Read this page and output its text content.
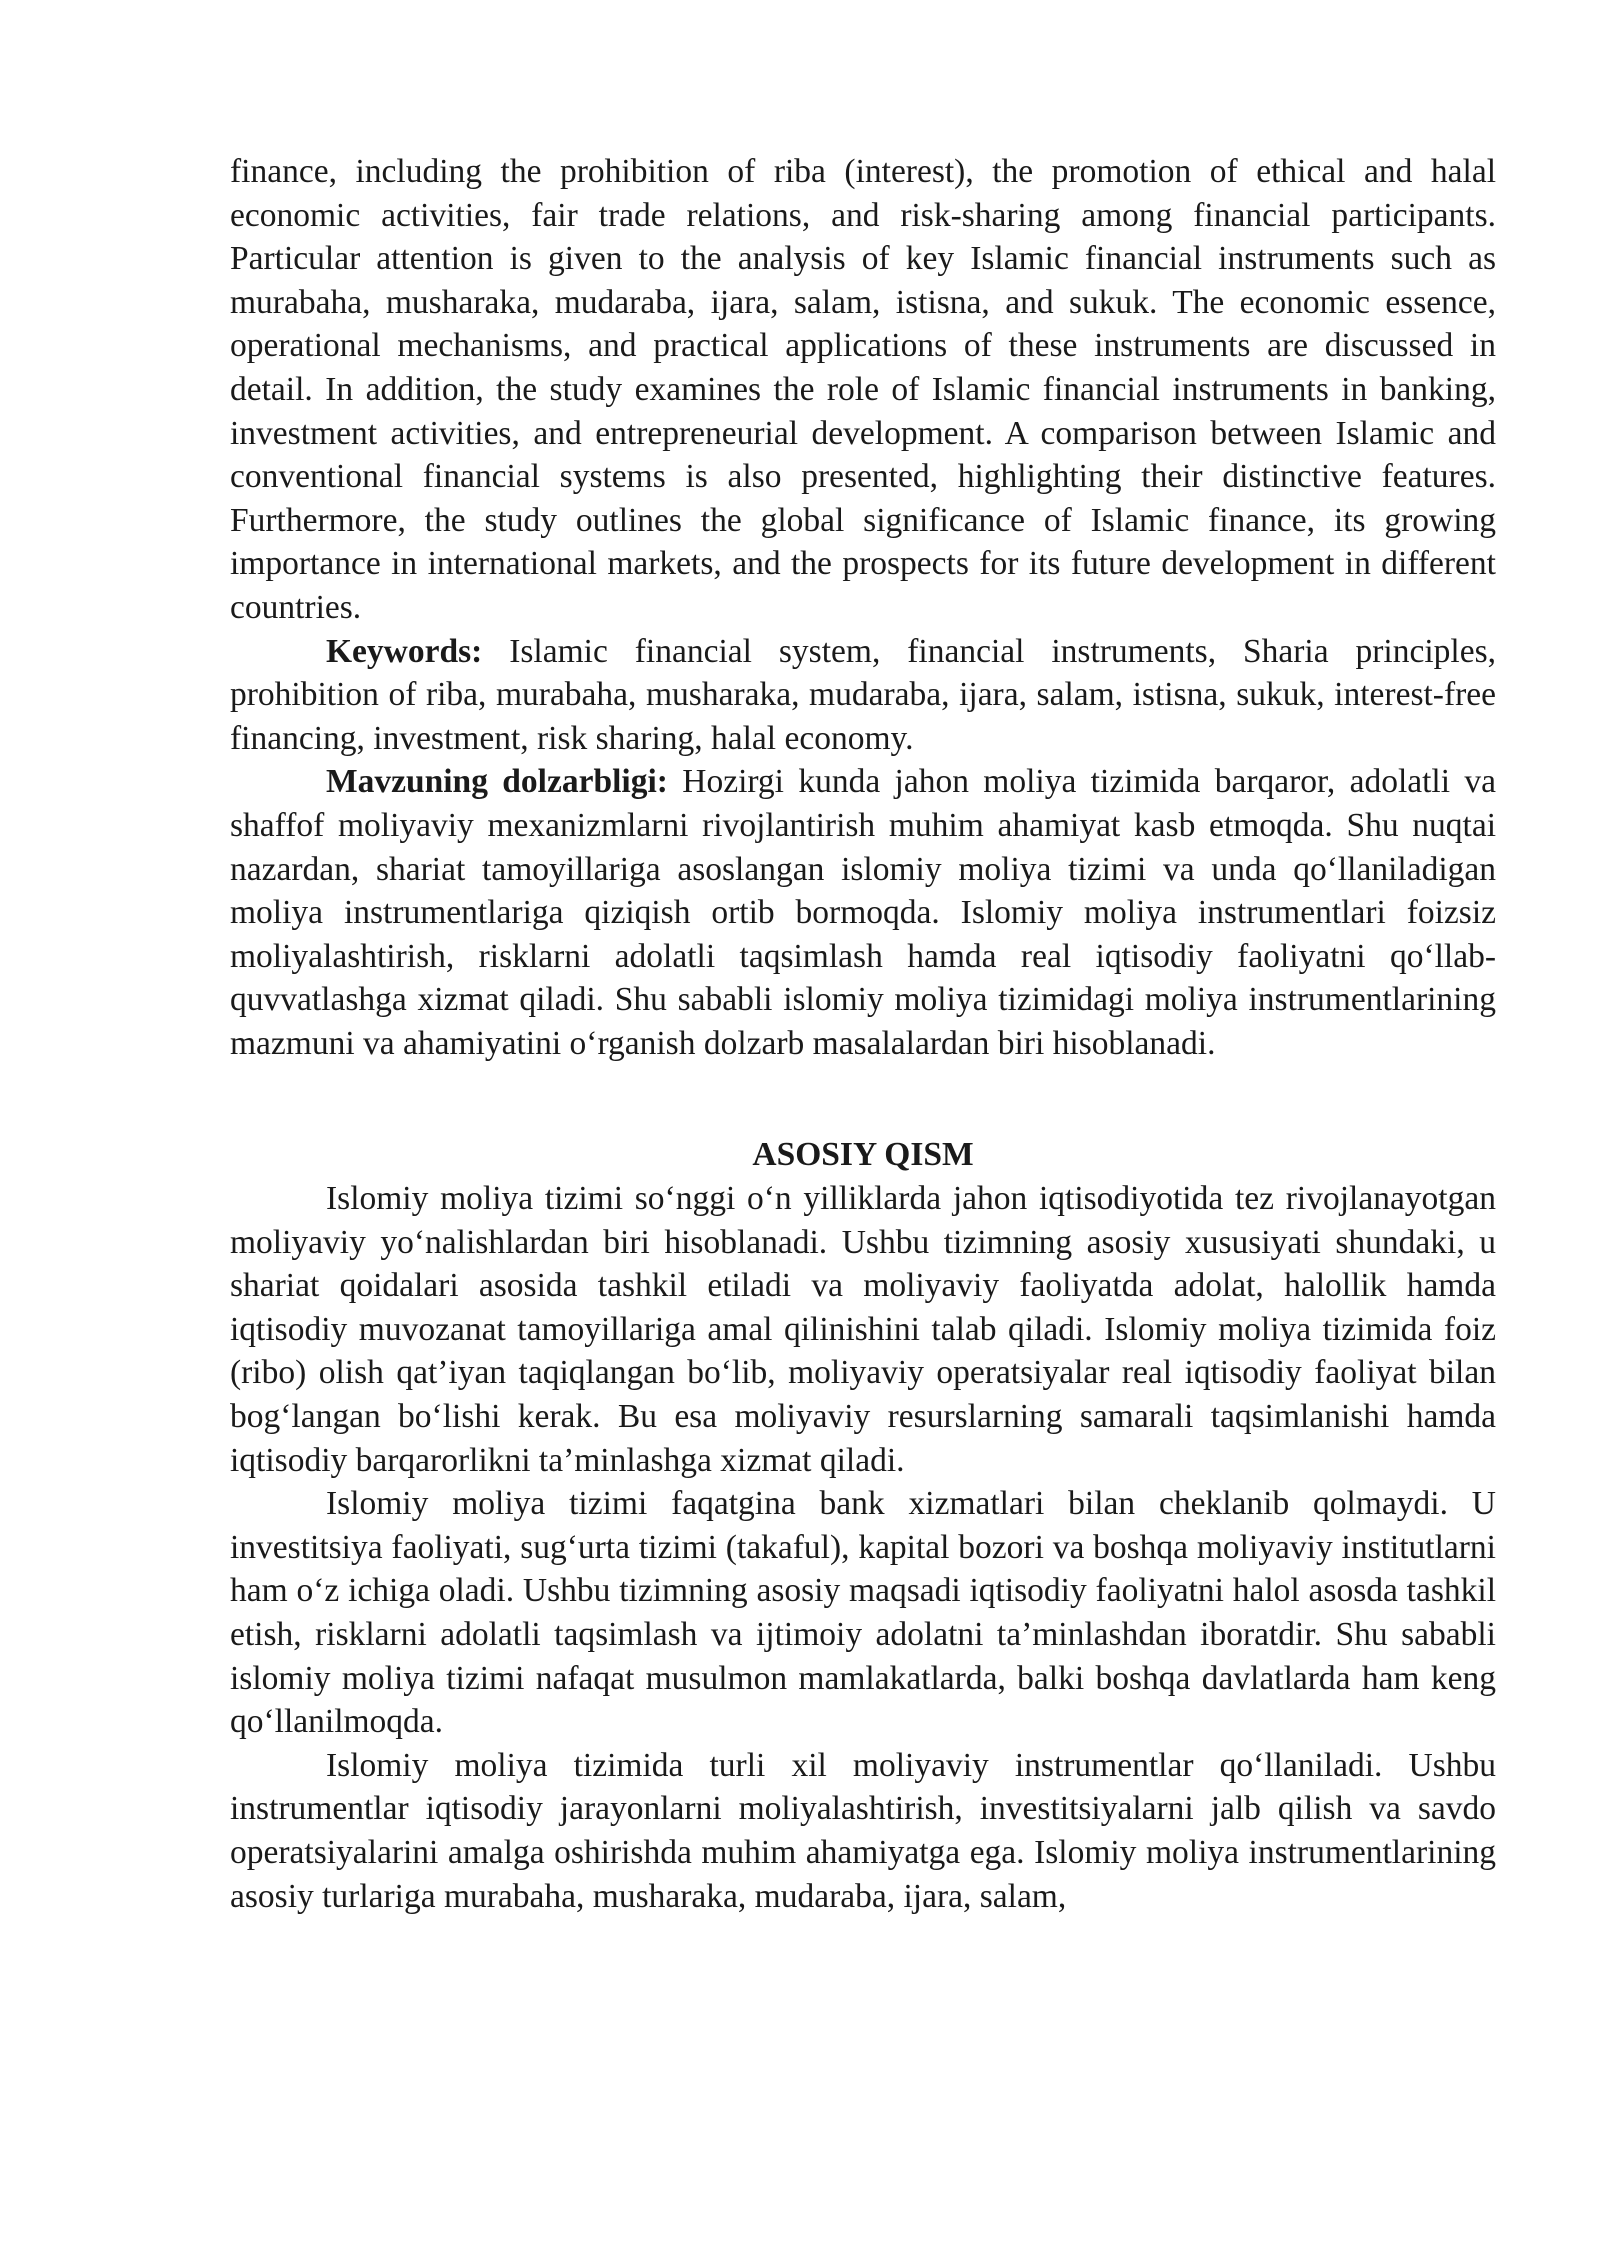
finance, including the prohibition of riba (interest), the promotion of ethical and halal economic activities, fair trade relations, and risk-sharing among financial participants. Particular attention is given to the analysis of key Islamic financial instruments such as murabaha, musharaka, mudaraba, ijara, salam, istisna, and sukuk. The economic essence, operational mechanisms, and practical applications of these instruments are discussed in detail. In addition, the study examines the role of Islamic financial instruments in banking, investment activities, and entrepreneurial development. A comparison between Islamic and conventional financial systems is also presented, highlighting their distinctive features. Furthermore, the study outlines the global significance of Islamic finance, its growing importance in international markets, and the prospects for its future development in different countries.

Keywords: Islamic financial system, financial instruments, Sharia principles, prohibition of riba, murabaha, musharaka, mudaraba, ijara, salam, istisna, sukuk, interest-free financing, investment, risk sharing, halal economy.

Mavzuning dolzarbligi: Hozirgi kunda jahon moliya tizimida barqaror, adolatli va shaffof moliyaviy mexanizmlarni rivojlantirish muhim ahamiyat kasb etmoqda. Shu nuqtai nazardan, shariat tamoyillariga asoslangan islomiy moliya tizimi va unda qo‘llaniladigan moliya instrumentlariga qiziqish ortib bormoqda. Islomiy moliya instrumentlari foizsiz moliyalashtirish, risklarni adolatli taqsimlash hamda real iqtisodiy faoliyatni qo‘llab-quvvatlashga xizmat qiladi. Shu sababli islomiy moliya tizimidagi moliya instrumentlarining mazmuni va ahamiyatini o‘rganish dolzarb masalalardan biri hisoblanadi.

ASOSIY QISM

Islomiy moliya tizimi so‘nggi o‘n yilliklarda jahon iqtisodiyotida tez rivojlanayotgan moliyaviy yo‘nalishlardan biri hisoblanadi. Ushbu tizimning asosiy xususiyati shundaki, u shariat qoidalari asosida tashkil etiladi va moliyaviy faoliyatda adolat, halollik hamda iqtisodiy muvozanat tamoyillariga amal qilinishini talab qiladi. Islomiy moliya tizimida foiz (ribo) olish qat’iyan taqiqlangan bo‘lib, moliyaviy operatsiyalar real iqtisodiy faoliyat bilan bog‘langan bo‘lishi kerak. Bu esa moliyaviy resurslarning samarali taqsimlanishi hamda iqtisodiy barqarorlikni ta’minlashga xizmat qiladi.

Islomiy moliya tizimi faqatgina bank xizmatlari bilan cheklanib qolmaydi. U investitsiya faoliyati, sug‘urta tizimi (takaful), kapital bozori va boshqa moliyaviy institutlarni ham o‘z ichiga oladi. Ushbu tizimning asosiy maqsadi iqtisodiy faoliyatni halol asosda tashkil etish, risklarni adolatli taqsimlash va ijtimoiy adolatni ta’minlashdan iboratdir. Shu sababli islomiy moliya tizimi nafaqat musulmon mamlakatlarda, balki boshqa davlatlarda ham keng qo‘llanilmoqda.

Islomiy moliya tizimida turli xil moliyaviy instrumentlar qo‘llaniladi. Ushbu instrumentlar iqtisodiy jarayonlarni moliyalashtirish, investitsiyalarni jalb qilish va savdo operatsiyalarini amalga oshirishda muhim ahamiyatga ega. Islomiy moliya instrumentlarining asosiy turlariga murabaha, musharaka, mudaraba, ijara, salam,
